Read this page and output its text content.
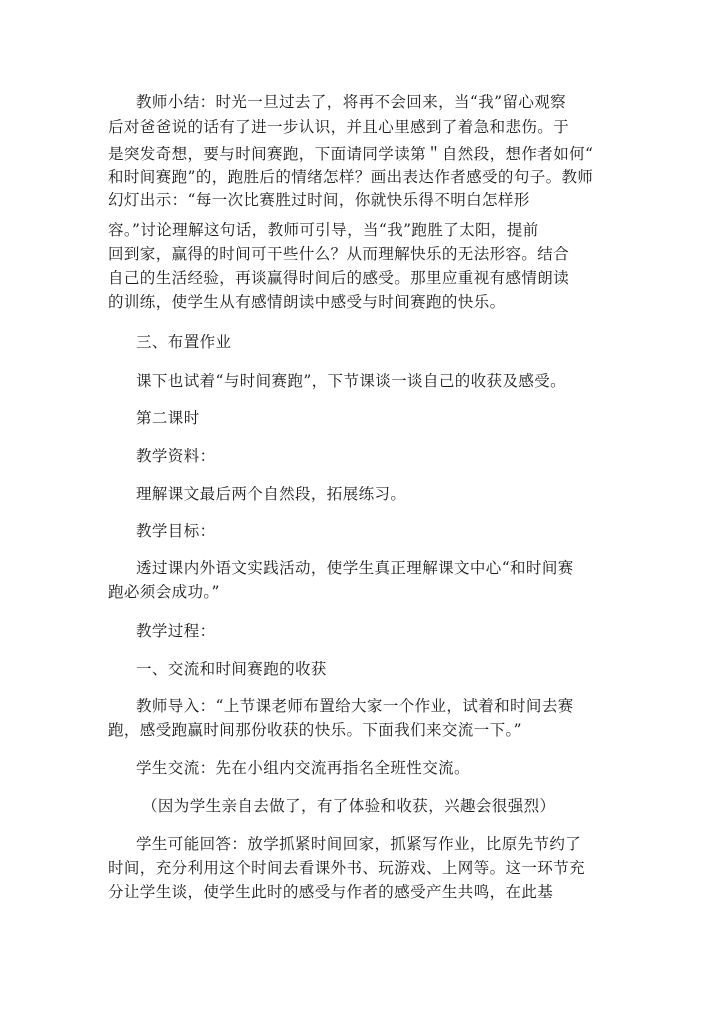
教师小结：时光一旦过去了，将再不会回来，当“我”留心观察
后对爸爸说的话有了进一步认识，并且心里感到了着急和悲伤。于
是突发奇想，要与时间赛跑，下面请同学读第＂自然段，想作者如何“
和时间赛跑”的，跑胜后的情绪怎样？画出表达作者感受的句子。教师
幻灯出示：“每一次比赛胜过时间，你就快乐得不明白怎样形
容。”讨论理解这句话，教师可引导，当“我”跑胜了太阳，提前
回到家，赢得的时间可干些什么？从而理解快乐的无法形容。结合
自己的生活经验，再谈赢得时间后的感受。那里应重视有感情朗读
的训练，使学生从有感情朗读中感受与时间赛跑的快乐。
三、布置作业
课下也试着“与时间赛跑”，下节课谈一谈自己的收获及感受。
第二课时
教学资料：
理解课文最后两个自然段，拓展练习。
教学目标：
透过课内外语文实践活动，使学生真正理解课文中心“和时间赛
跑必须会成功。”
教学过程：
一、交流和时间赛跑的收获
教师导入：“上节课老师布置给大家一个作业，试着和时间去赛
跑，感受跑赢时间那份收获的快乐。下面我们来交流一下。”
学生交流：先在小组内交流再指名全班性交流。
（因为学生亲自去做了，有了体验和收获，兴趣会很强烈）
学生可能回答：放学抓紧时间回家，抓紧写作业，比原先节约了
时间，充分利用这个时间去看课外书、玩游戏、上网等。这一环节充
分让学生谈，使学生此时的感受与作者的感受产生共鸣，在此基
